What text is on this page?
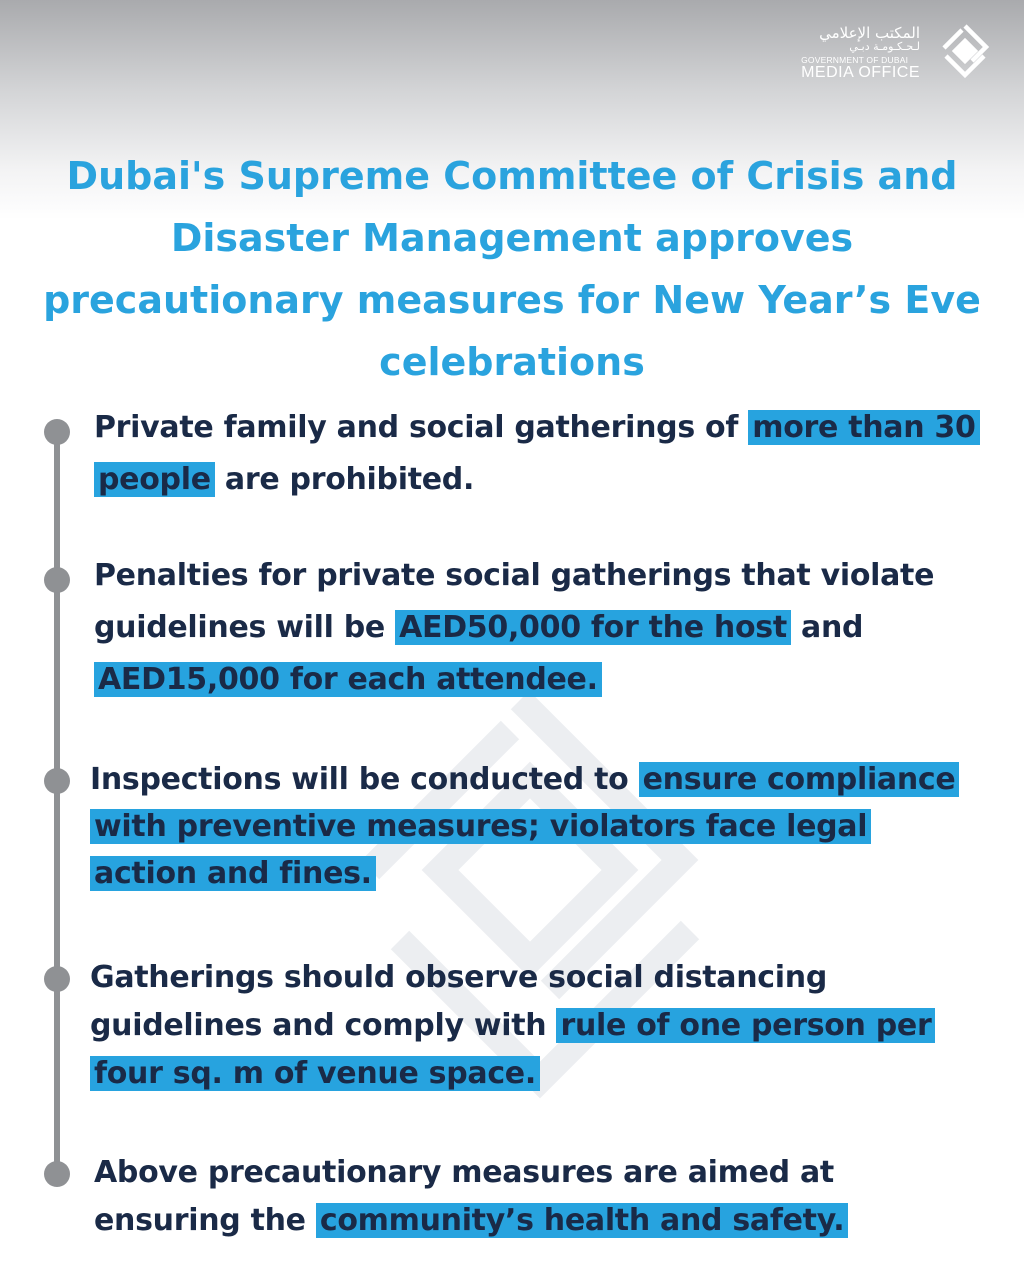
المكتب الإعلامي
لـحـكـومـة دبـي
GOVERNMENT OF DUBAI
MEDIA OFFICE
Dubai's Supreme Committee of Crisis and Disaster Management approves precautionary measures for New Year’s Eve celebrations

Private family and social gatherings of more than 30 people are prohibited.

Penalties for private social gatherings that violate guidelines will be AED50,000 for the host and AED15,000 for each attendee.

Inspections will be conducted to ensure compliance with preventive measures; violators face legal action and fines.

Gatherings should observe social distancing guidelines and comply with rule of one person per four sq. m of venue space.

Above precautionary measures are aimed at ensuring the community’s health and safety.
